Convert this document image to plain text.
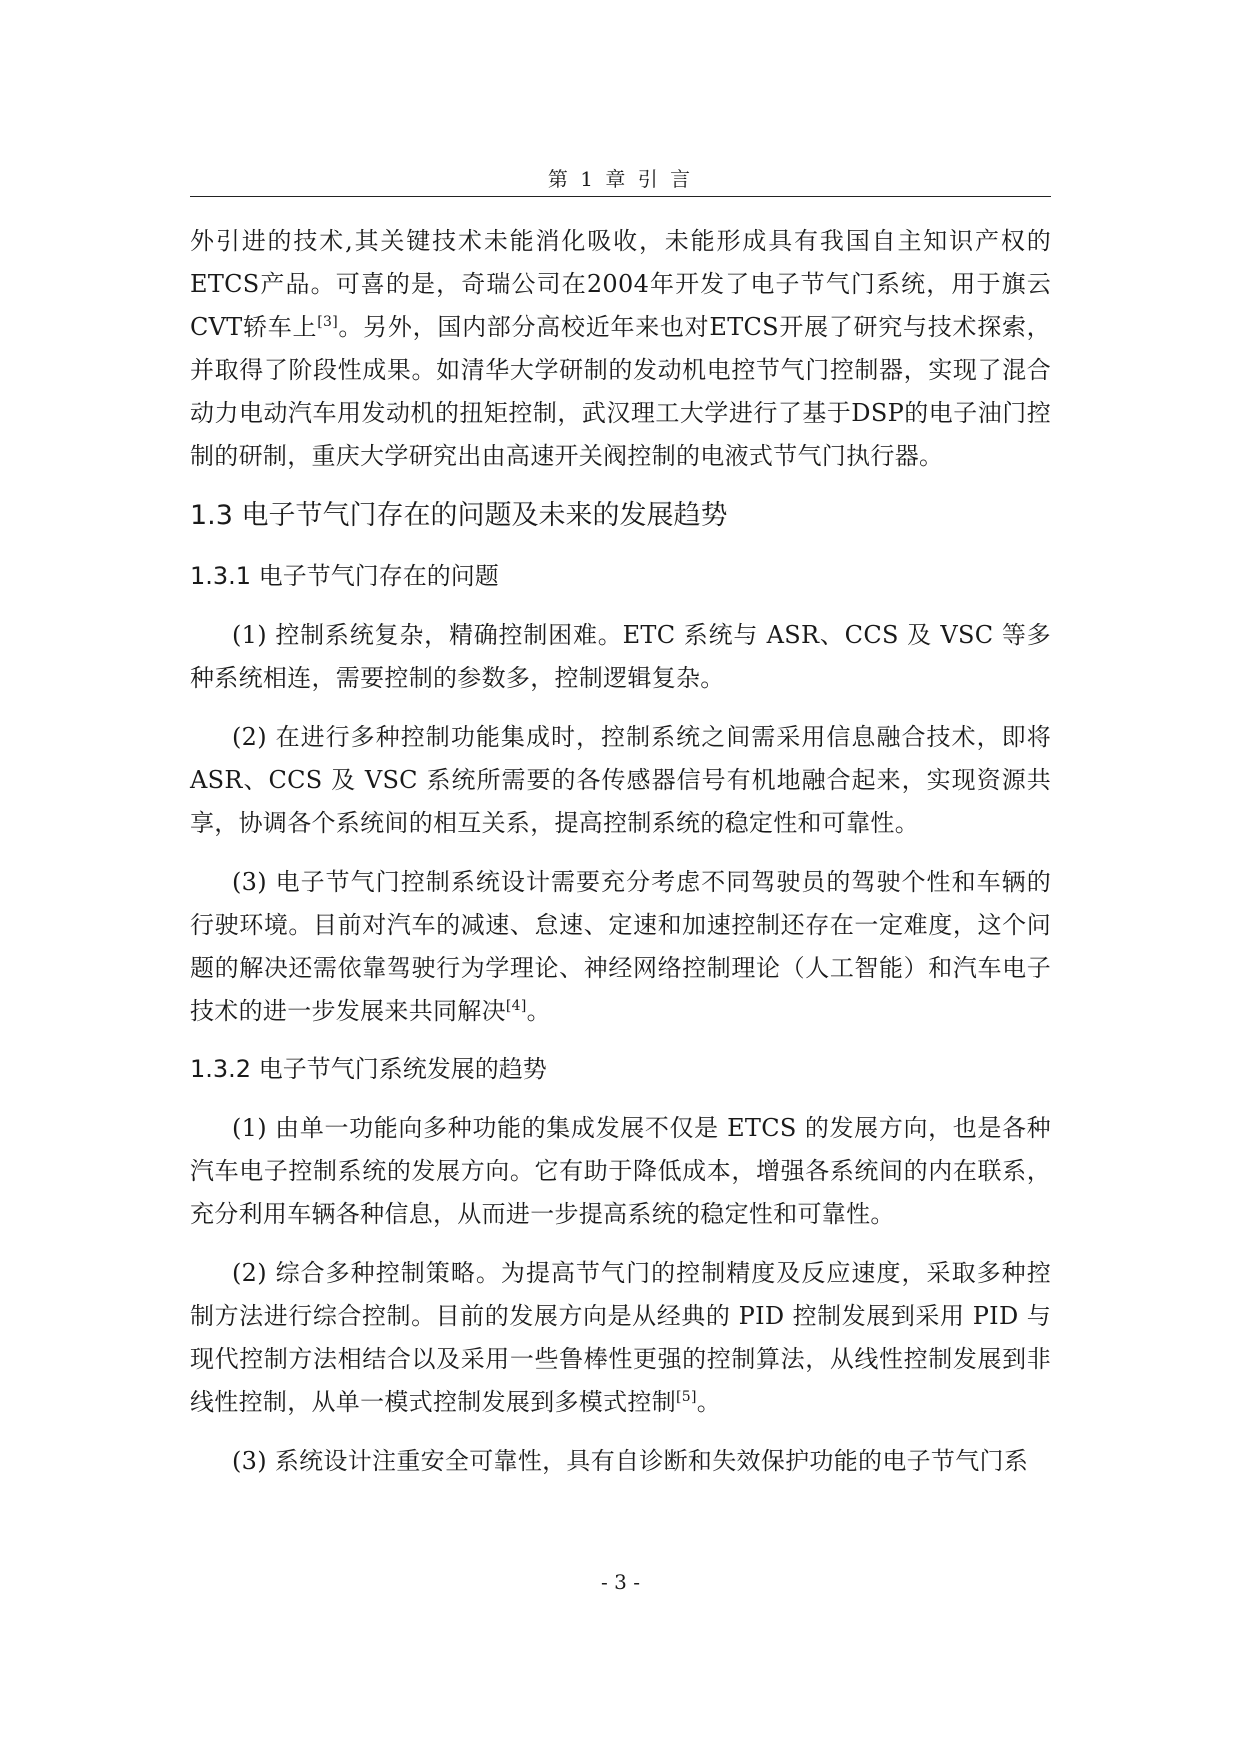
第 1 章 引 言

外引进的技术,其关键技术未能消化吸收，未能形成具有我国自主知识产权的ETCS产品。可喜的是，奇瑞公司在2004年开发了电子节气门系统，用于旗云CVT轿车上[3]。另外，国内部分高校近年来也对ETCS开展了研究与技术探索，并取得了阶段性成果。如清华大学研制的发动机电控节气门控制器，实现了混合动力电动汽车用发动机的扭矩控制，武汉理工大学进行了基于DSP的电子油门控制的研制，重庆大学研究出由高速开关阀控制的电液式节气门执行器。

1.3 电子节气门存在的问题及未来的发展趋势
1.3.1 电子节气门存在的问题

(1) 控制系统复杂，精确控制困难。ETC 系统与 ASR、CCS 及 VSC 等多种系统相连，需要控制的参数多，控制逻辑复杂。

(2) 在进行多种控制功能集成时，控制系统之间需采用信息融合技术，即将ASR、CCS 及 VSC 系统所需要的各传感器信号有机地融合起来，实现资源共享，协调各个系统间的相互关系，提高控制系统的稳定性和可靠性。

(3) 电子节气门控制系统设计需要充分考虑不同驾驶员的驾驶个性和车辆的行驶环境。目前对汽车的减速、怠速、定速和加速控制还存在一定难度，这个问题的解决还需依靠驾驶行为学理论、神经网络控制理论（人工智能）和汽车电子技术的进一步发展来共同解决[4]。

1.3.2 电子节气门系统发展的趋势

(1) 由单一功能向多种功能的集成发展不仅是 ETCS 的发展方向，也是各种汽车电子控制系统的发展方向。它有助于降低成本，增强各系统间的内在联系，充分利用车辆各种信息，从而进一步提高系统的稳定性和可靠性。

(2) 综合多种控制策略。为提高节气门的控制精度及反应速度，采取多种控制方法进行综合控制。目前的发展方向是从经典的 PID 控制发展到采用 PID 与现代控制方法相结合以及采用一些鲁棒性更强的控制算法，从线性控制发展到非线性控制，从单一模式控制发展到多模式控制[5]。

(3) 系统设计注重安全可靠性，具有自诊断和失效保护功能的电子节气门系

- 3 -
